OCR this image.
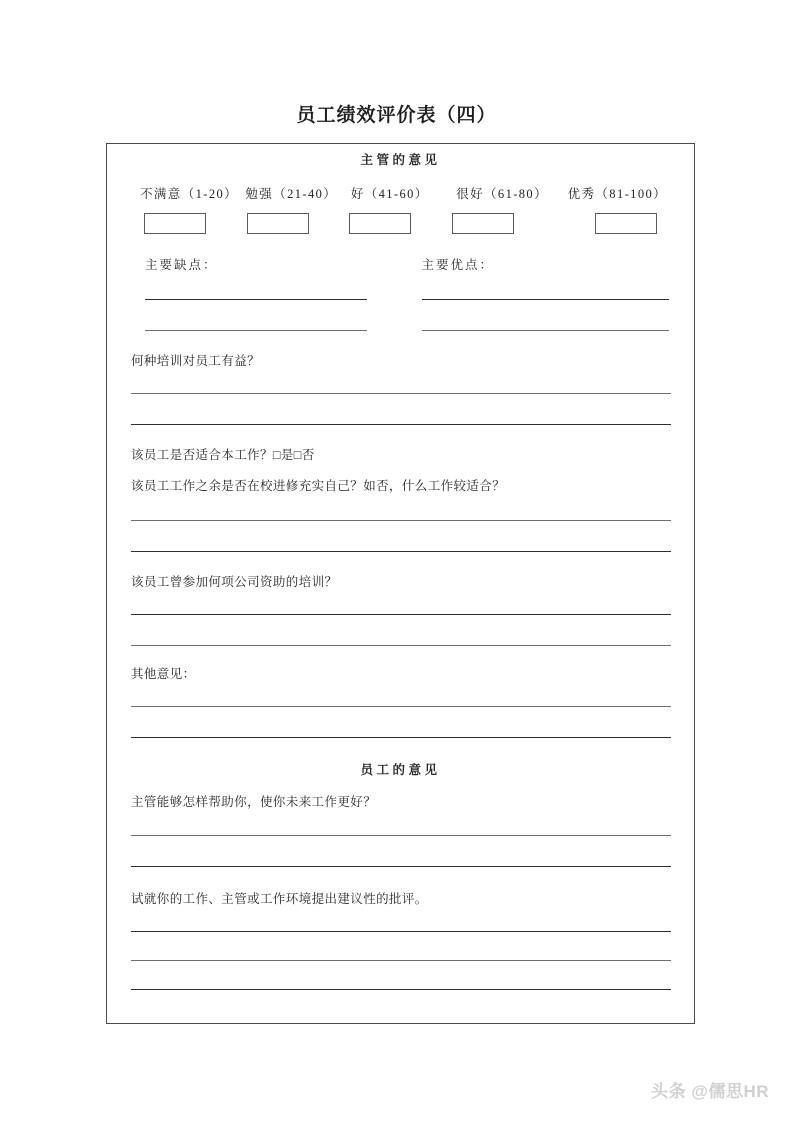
员工绩效评价表（四）
主管的意见
不满意（1-20） 勉强（21-40）	好（41-60）	很好（61-80）	优秀（81-100）
主要缺点：	主要优点：
何种培训对员工有益？
该员工是否适合本工作？□是□否
该员工工作之余是否在校进修充实自己？如否，什么工作较适合？
该员工曾参加何项公司资助的培训？
其他意见：
员工的意见
主管能够怎样帮助你，使你未来工作更好？
试就你的工作、主管或工作环境提出建议性的批评。
头条 @儒思HR
